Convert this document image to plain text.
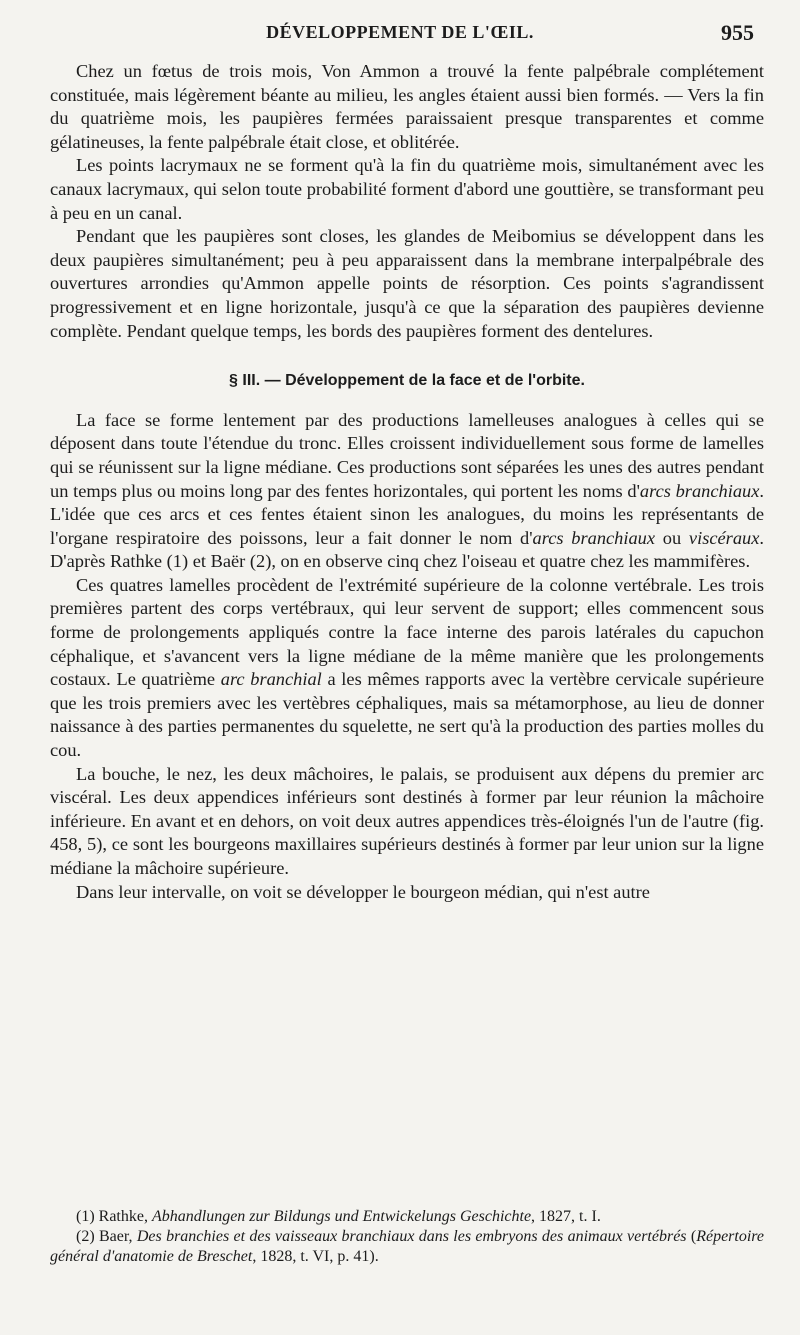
DÉVELOPPEMENT DE L'ŒIL.	955

Chez un fœtus de trois mois, Von Ammon a trouvé la fente palpébrale complétement constituée, mais légèrement béante au milieu, les angles étaient aussi bien formés. — Vers la fin du quatrième mois, les paupières fermées paraissaient presque transparentes et comme gélatineuses, la fente palpébrale était close, et oblitérée.

Les points lacrymaux ne se forment qu'à la fin du quatrième mois, simultanément avec les canaux lacrymaux, qui selon toute probabilité forment d'abord une gouttière, se transformant peu à peu en un canal.

Pendant que les paupières sont closes, les glandes de Meibomius se développent dans les deux paupières simultanément; peu à peu apparaissent dans la membrane interpalpébrale des ouvertures arrondies qu'Ammon appelle points de résorption. Ces points s'agrandissent progressivement et en ligne horizontale, jusqu'à ce que la séparation des paupières devienne complète. Pendant quelque temps, les bords des paupières forment des dentelures.

§ III. — Développement de la face et de l'orbite.

La face se forme lentement par des productions lamelleuses analogues à celles qui se déposent dans toute l'étendue du tronc. Elles croissent individuellement sous forme de lamelles qui se réunissent sur la ligne médiane. Ces productions sont séparées les unes des autres pendant un temps plus ou moins long par des fentes horizontales, qui portent les noms d'arcs branchiaux. L'idée que ces arcs et ces fentes étaient sinon les analogues, du moins les représentants de l'organe respiratoire des poissons, leur a fait donner le nom d'arcs branchiaux ou viscéraux. D'après Rathke (1) et Baër (2), on en observe cinq chez l'oiseau et quatre chez les mammifères.

Ces quatres lamelles procèdent de l'extrémité supérieure de la colonne vertébrale. Les trois premières partent des corps vertébraux, qui leur servent de support; elles commencent sous forme de prolongements appliqués contre la face interne des parois latérales du capuchon céphalique, et s'avancent vers la ligne médiane de la même manière que les prolongements costaux. Le quatrième arc branchial a les mêmes rapports avec la vertèbre cervicale supérieure que les trois premiers avec les vertèbres céphaliques, mais sa métamorphose, au lieu de donner naissance à des parties permanentes du squelette, ne sert qu'à la production des parties molles du cou.

La bouche, le nez, les deux mâchoires, le palais, se produisent aux dépens du premier arc viscéral. Les deux appendices inférieurs sont destinés à former par leur réunion la mâchoire inférieure. En avant et en dehors, on voit deux autres appendices très-éloignés l'un de l'autre (fig. 458, 5), ce sont les bourgeons maxillaires supérieurs destinés à former par leur union sur la ligne médiane la mâchoire supérieure.

Dans leur intervalle, on voit se développer le bourgeon médian, qui n'est autre

(1) Rathke, Abhandlungen zur Bildungs und Entwickelungs Geschichte, 1827, t. I.

(2) Baer, Des branchies et des vaisseaux branchiaux dans les embryons des animaux vertébrés (Répertoire général d'anatomie de Breschet, 1828, t. VI, p. 41).
